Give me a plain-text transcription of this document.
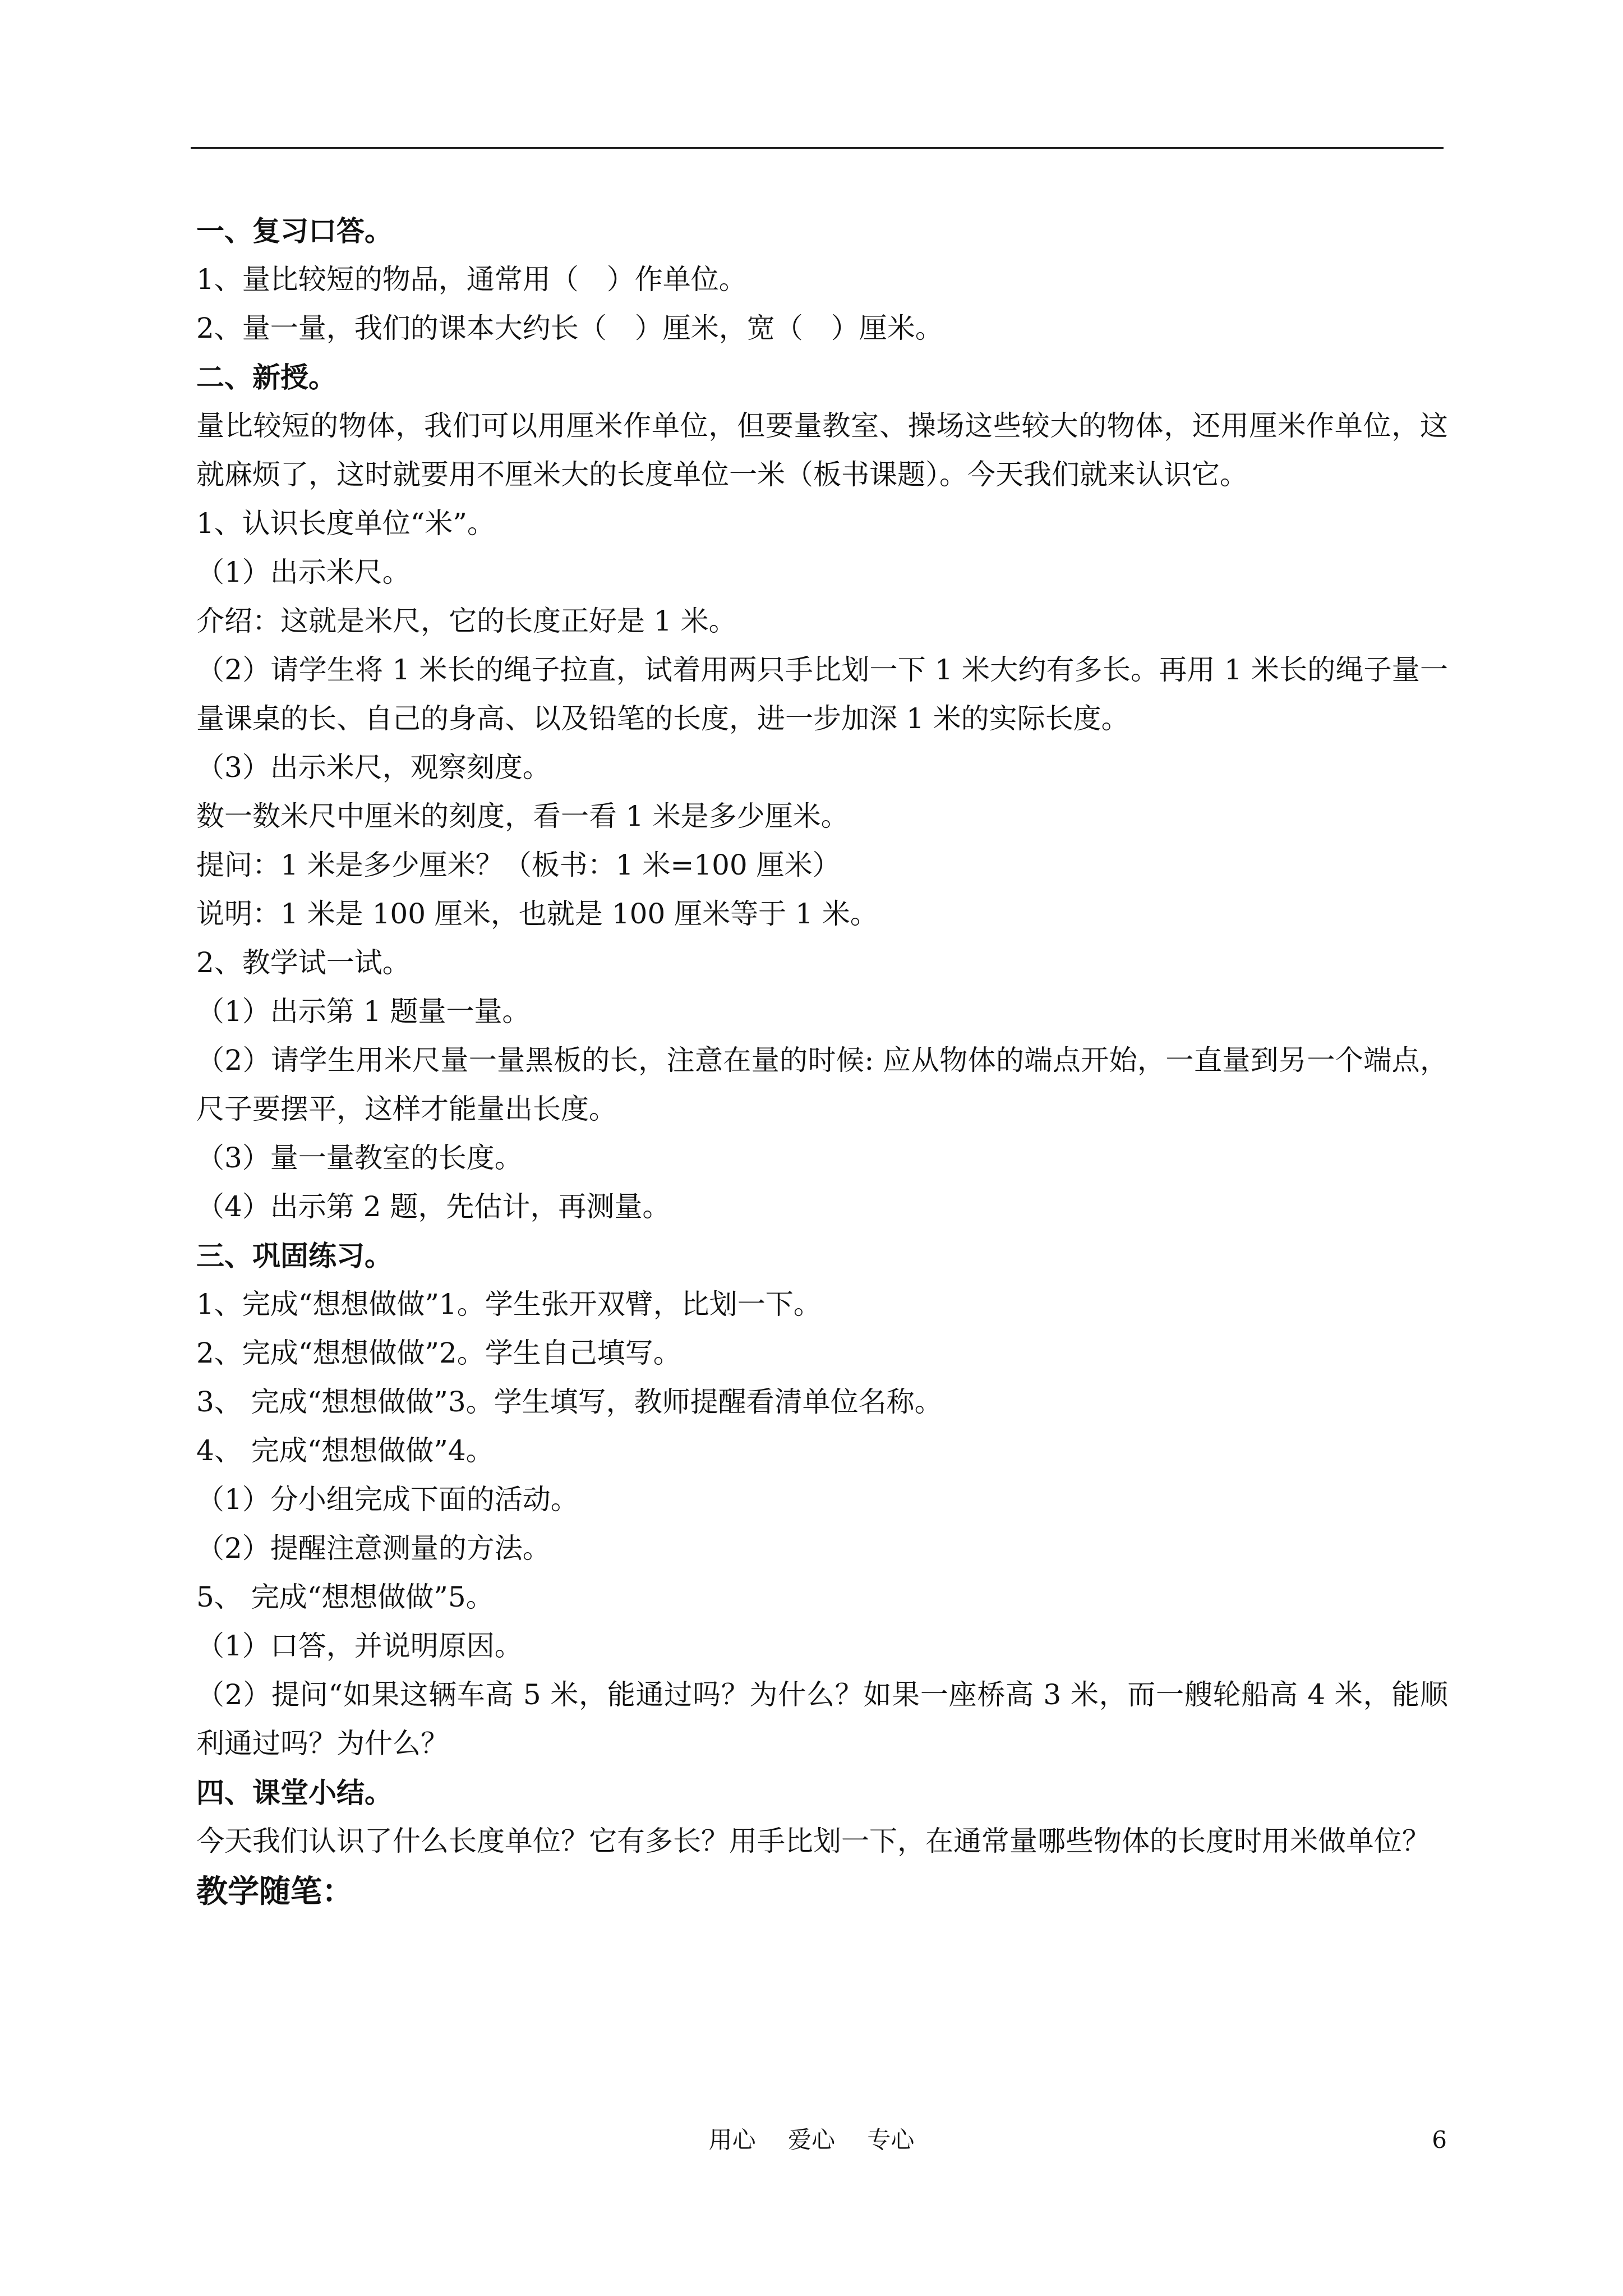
一、复习口答。
1、量比较短的物品，通常用（　）作单位。
2、量一量，我们的课本大约长（　）厘米，宽（　）厘米。
二、新授。
量比较短的物体，我们可以用厘米作单位，但要量教室、操场这些较大的物体，还用厘米作单位，这就麻烦了，这时就要用不厘米大的长度单位一米（板书课题）。今天我们就来认识它。
1、认识长度单位“米”。
（1）出示米尺。
介绍：这就是米尺，它的长度正好是 1 米。
（2）请学生将 1 米长的绳子拉直，试着用两只手比划一下 1 米大约有多长。再用 1 米长的绳子量一量课桌的长、自己的身高、以及铅笔的长度，进一步加深 1 米的实际长度。
（3）出示米尺，观察刻度。
数一数米尺中厘米的刻度，看一看 1 米是多少厘米。
提问：1 米是多少厘米？（板书：1 米=100 厘米）
说明：1 米是 100 厘米，也就是 100 厘米等于 1 米。
2、教学试一试。
（1）出示第 1 题量一量。
（2）请学生用米尺量一量黑板的长，注意在量的时候: 应从物体的端点开始，一直量到另一个端点，尺子要摆平，这样才能量出长度。
（3）量一量教室的长度。
（4）出示第 2 题，先估计，再测量。
三、巩固练习。
1、完成“想想做做”1。学生张开双臂，比划一下。
2、完成“想想做做”2。学生自己填写。
3、 完成“想想做做”3。学生填写，教师提醒看清单位名称。
4、 完成“想想做做”4。
（1）分小组完成下面的活动。
（2）提醒注意测量的方法。
5、 完成“想想做做”5。
（1）口答，并说明原因。
（2）提问“如果这辆车高 5 米，能通过吗？为什么？如果一座桥高 3 米，而一艘轮船高 4 米，能顺利通过吗？为什么？
四、课堂小结。
今天我们认识了什么长度单位？它有多长？用手比划一下，在通常量哪些物体的长度时用米做单位？
教学随笔：
用心 爱心 专心	6
